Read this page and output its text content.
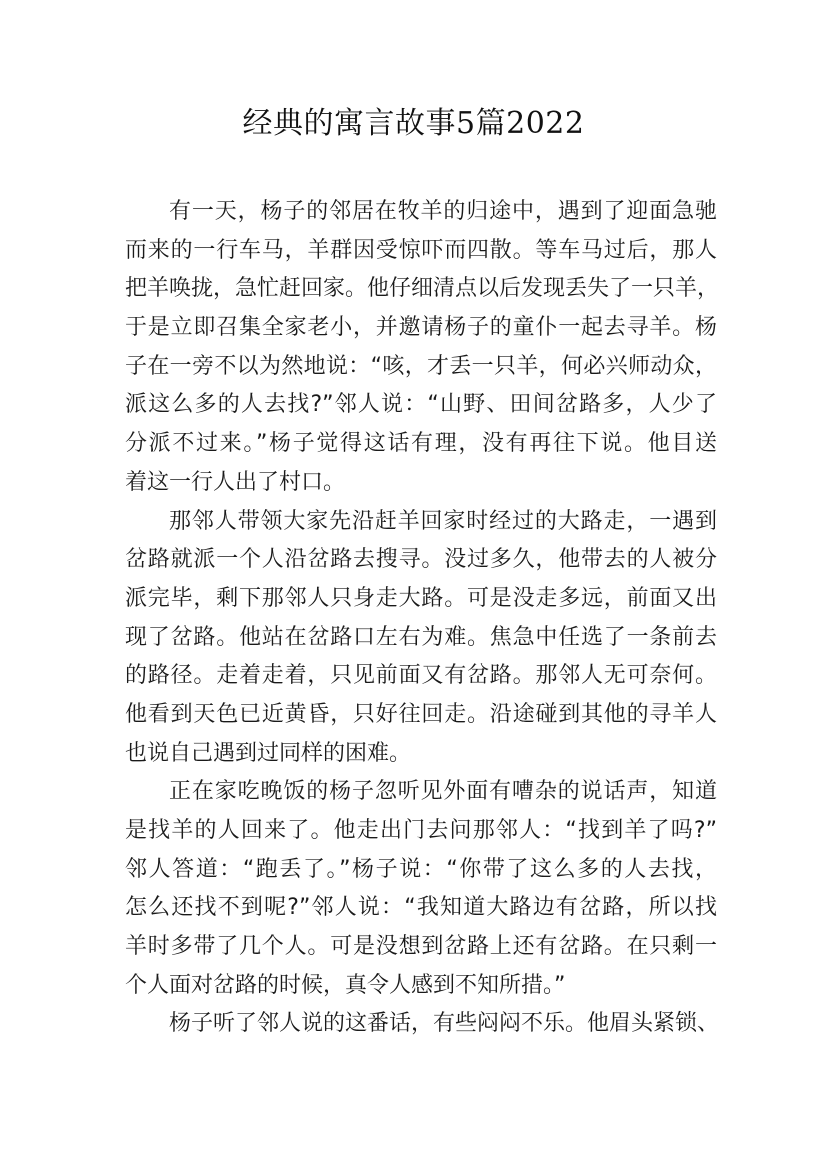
经典的寓言故事5篇2022
有一天，杨子的邻居在牧羊的归途中，遇到了迎面急驰
而来的一行车马，羊群因受惊吓而四散。等车马过后，那人
把羊唤拢，急忙赶回家。他仔细清点以后发现丢失了一只羊，
于是立即召集全家老小，并邀请杨子的童仆一起去寻羊。杨
子在一旁不以为然地说：“咳，才丢一只羊，何必兴师动众，
派这么多的人去找?”邻人说：“山野、田间岔路多，人少了
分派不过来。”杨子觉得这话有理，没有再往下说。他目送
着这一行人出了村口。
那邻人带领大家先沿赶羊回家时经过的大路走，一遇到
岔路就派一个人沿岔路去搜寻。没过多久，他带去的人被分
派完毕，剩下那邻人只身走大路。可是没走多远，前面又出
现了岔路。他站在岔路口左右为难。焦急中任选了一条前去
的路径。走着走着，只见前面又有岔路。那邻人无可奈何。
他看到天色已近黄昏，只好往回走。沿途碰到其他的寻羊人
也说自己遇到过同样的困难。
正在家吃晚饭的杨子忽听见外面有嘈杂的说话声，知道
是找羊的人回来了。他走出门去问那邻人：“找到羊了吗?”
邻人答道：“跑丢了。”杨子说：“你带了这么多的人去找，
怎么还找不到呢?”邻人说：“我知道大路边有岔路，所以找
羊时多带了几个人。可是没想到岔路上还有岔路。在只剩一
个人面对岔路的时候，真令人感到不知所措。”
杨子听了邻人说的这番话，有些闷闷不乐。他眉头紧锁、
